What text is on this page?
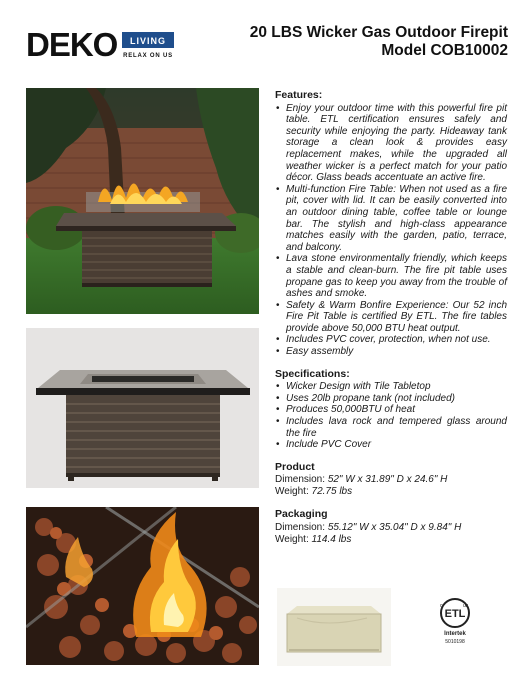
DEKO LIVING
RELAX ON US
20 LBS Wicker Gas Outdoor Firepit
Model COB10002
Features:
• Enjoy your outdoor time with this powerful fire pit table. ETL certification ensures safely and security while enjoying the party. Hideaway tank storage a clean look & provides easy replacement makes, while the upgraded all weather wicker is a perfect match for your patio décor. Glass beads accentuate an active fire.
• Multi-function Fire Table: When not used as a fire pit, cover with lid. It can be easily converted into an outdoor dining table, coffee table or lounge bar. The stylish and high-class appearance matches easily with the garden, patio, terrace, and balcony.
• Lava stone environmentally friendly, which keeps a stable and clean-burn. The fire pit table uses propane gas to keep you away from the trouble of ashes and smoke.
• Safety & Warm Bonfire Experience: Our 52 inch Fire Pit Table is certified By ETL. The fire tables provide above 50,000 BTU heat output.
• Includes PVC cover, protection, when not use.
• Easy assembly
Specifications:
• Wicker Design with Tile Tabletop
• Uses 20lb propane tank (not included)
• Produces 50,000BTU of heat
• Includes lava rock and tempered glass around the fire
• Include PVC Cover
Product
Dimension: 52" W x 31.89" D x 24.6" H
Weight: 72.75 lbs
Packaging
Dimension: 55.12" W x 35.04" D x 9.84" H
Weight: 114.4 lbs
ETL
c	us
Intertek
5010198
